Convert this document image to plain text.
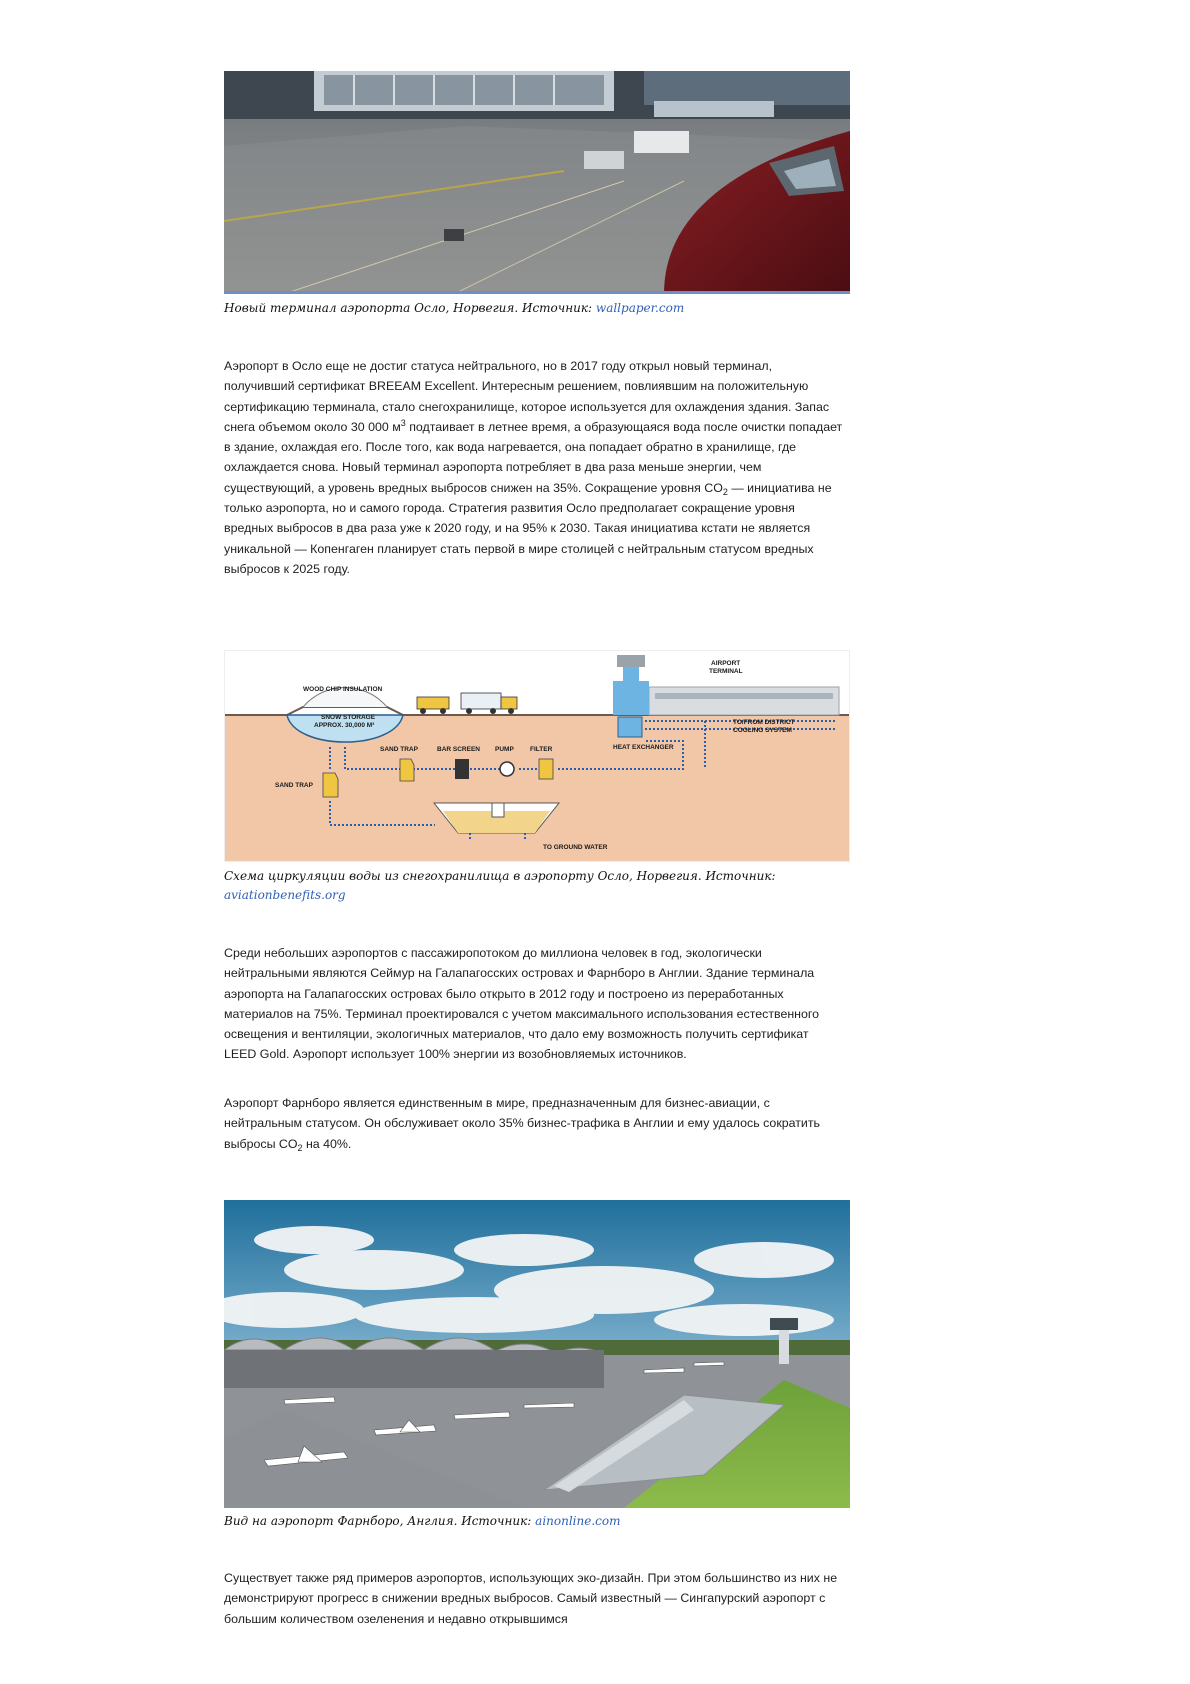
Новый терминал аэропорта Осло, Норвегия. Источник: wallpaper.com

Аэропорт в Осло еще не достиг статуса нейтрального, но в 2017 году открыл новый терминал, получивший сертификат BREEAM Excellent. Интересным решением, повлиявшим на положительную сертификацию терминала, стало снегохранилище, которое используется для охлаждения здания. Запас снега объемом около 30 000 $м^3$ подтаивает в летнее время, а образующаяся вода после очистки попадает в здание, охлаждая его. После того, как вода нагревается, она попадает обратно в хранилище, где охлаждается снова. Новый терминал аэропорта потребляет в два раза меньше энергии, чем существующий, а уровень вредных выбросов снижен на 35%. Сокращение уровня $CO_2$ — инициатива не только аэропорта, но и самого города. Стратегия развития Осло предполагает сокращение уровня вредных выбросов в два раза уже к 2020 году, и на 95% к 2030. Такая инициатива кстати не является уникальной — Копенгаген планирует стать первой в мире столицей с нейтральным статусом вредных выбросов к 2025 году.

WOOD CHIP INSULATION
SNOW STORAGE
APPROX. 30,000 M³
SAND TRAP	BAR SCREEN PUMP FILTER
SAND TRAP
HEAT EXCHANGER
AIRPORT
TERMINAL
TO/FROM DISTRICT
COOLING SYSTEM
TO GROUND WATER
Схема циркуляции воды из снегохранилища в аэропорту Осло, Норвегия. Источник: aviationbenefits.org

Среди небольших аэропортов с пассажиропотоком до миллиона человек в год, экологически нейтральными являются Сеймур на Галапагосских островах и Фарнборо в Англии. Здание терминала аэропорта на Галапагосских островах было открыто в 2012 году и построено из переработанных материалов на 75%. Терминал проектировался с учетом максимального использования естественного освещения и вентиляции, экологичных материалов, что дало ему возможность получить сертификат LEED Gold. Аэропорт использует 100% энергии из возобновляемых источников.

Аэропорт Фарнборо является единственным в мире, предназначенным для бизнес-авиации, с нейтральным статусом. Он обслуживает около 35% бизнес-трафика в Англии и ему удалось сократить выбросы $CO_2$ на 40%.

Вид на аэропорт Фарнборо, Англия. Источник: ainonline.com

Существует также ряд примеров аэропортов, использующих эко-дизайн. При этом большинство из них не демонстрируют прогресс в снижении вредных выбросов. Самый известный — Сингапурский аэропорт с большим количеством озеленения и недавно открывшимся
